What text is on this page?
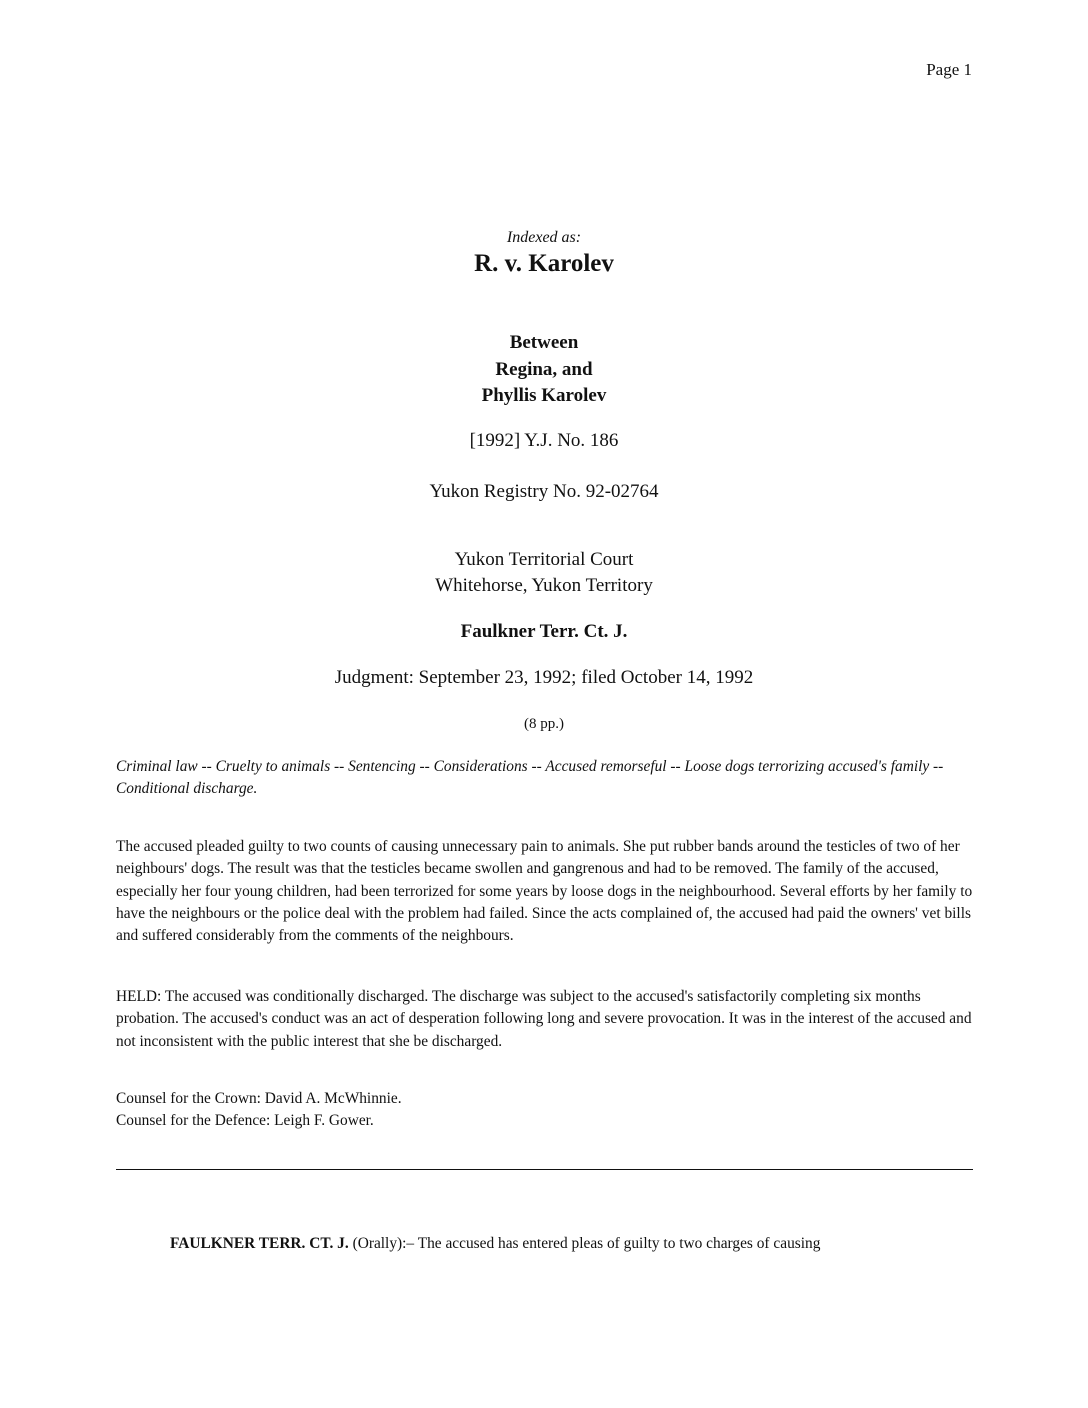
Page 1
Indexed as:
R. v. Karolev
Between
Regina, and
Phyllis Karolev
[1992] Y.J. No. 186
Yukon Registry No. 92-02764
Yukon Territorial Court
Whitehorse, Yukon Territory
Faulkner Terr. Ct. J.
Judgment: September 23, 1992; filed October 14, 1992
(8 pp.)
Criminal law -- Cruelty to animals -- Sentencing -- Considerations -- Accused remorseful -- Loose dogs terrorizing accused's family -- Conditional discharge.
The accused pleaded guilty to two counts of causing unnecessary pain to animals. She put rubber bands around the testicles of two of her neighbours' dogs. The result was that the testicles became swollen and gangrenous and had to be removed. The family of the accused, especially her four young children, had been terrorized for some years by loose dogs in the neighbourhood. Several efforts by her family to have the neighbours or the police deal with the problem had failed. Since the acts complained of, the accused had paid the owners' vet bills and suffered considerably from the comments of the neighbours.
HELD: The accused was conditionally discharged. The discharge was subject to the accused's satisfactorily completing six months probation. The accused's conduct was an act of desperation following long and severe provocation. It was in the interest of the accused and not inconsistent with the public interest that she be discharged.
Counsel for the Crown: David A. McWhinnie.
Counsel for the Defence: Leigh F. Gower.
FAULKNER TERR. CT. J. (Orally):– The accused has entered pleas of guilty to two charges of causing
